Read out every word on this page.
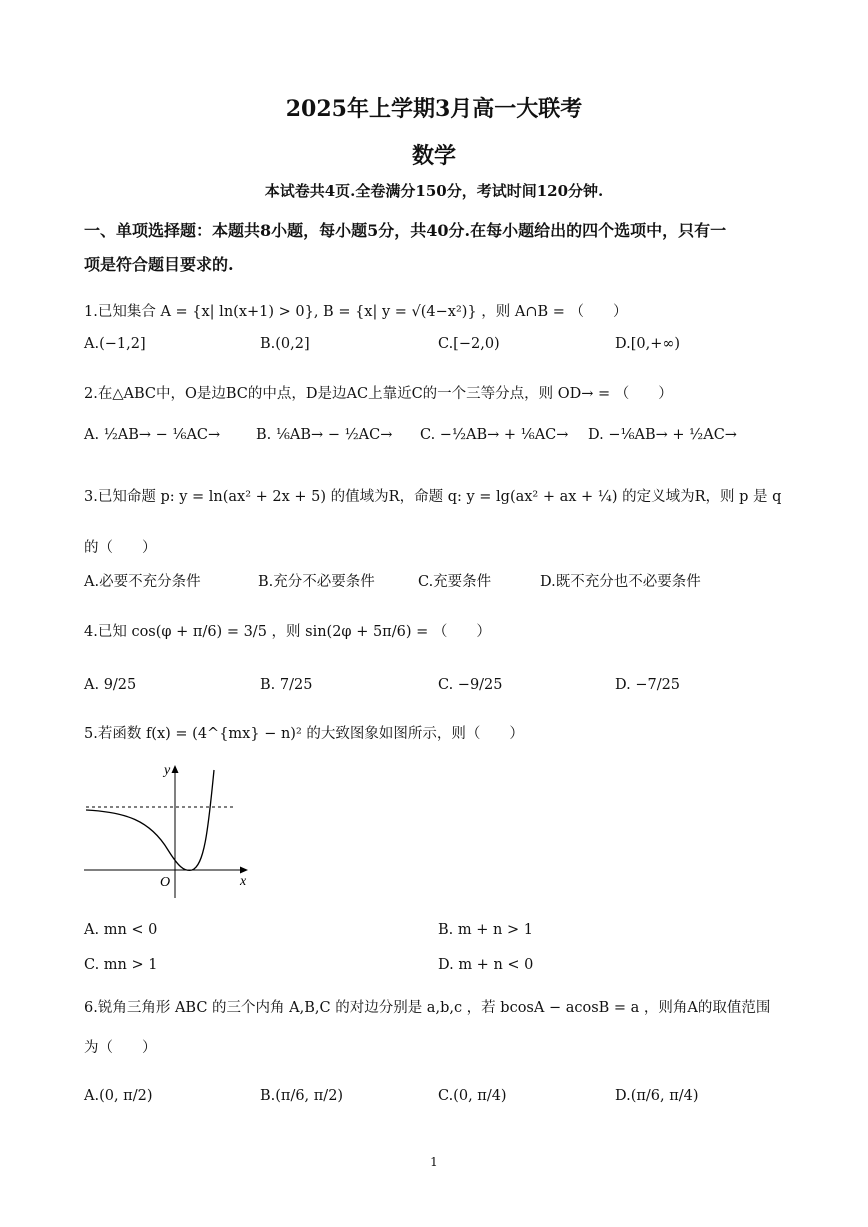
2025年上学期3月高一大联考
数学
本试卷共4页.全卷满分150分，考试时间120分钟.
一、单项选择题：本题共8小题，每小题5分，共40分.在每小题给出的四个选项中，只有一
项是符合题目要求的.
1.已知集合 A = {x| ln(x+1) > 0}, B = {x| y = √(4−x²)} ，则 A∩B = （　　）
A.(−1,2]	B.(0,2]	C.[−2,0)	D.[0,+∞)
2.在△ABC中，O是边BC的中点，D是边AC上靠近C的一个三等分点，则 OD→ = （　　）
A. ½AB→ − ⅙AC→ B. ⅙AB→ − ½AC→ C. −½AB→ + ⅙AC→ D. −⅙AB→ + ½AC→
3.已知命题 p: y = ln(ax² + 2x + 5) 的值域为R，命题 q: y = lg(ax² + ax + ¼) 的定义域为R，则 p 是 q
的（　　）
A.必要不充分条件	B.充分不必要条件	C.充要条件	D.既不充分也不必要条件
4.已知 cos(φ + π/6) = 3/5 ，则 sin(2φ + 5π/6) = （　　）
A. 9/25	B. 7/25	C. −9/25	D. −7/25
5.若函数 f(x) = (4^{mx} − n)² 的大致图象如图所示，则（　　）
y
x
O
A. mn < 0	B. m + n > 1
C. mn > 1	D. m + n < 0
6.锐角三角形 ABC 的三个内角 A,B,C 的对边分别是 a,b,c ，若 bcosA − acosB = a ，则角A的取值范围
为（　　）
A.(0, π/2)	B.(π/6, π/2)	C.(0, π/4)	D.(π/6, π/4)
1
